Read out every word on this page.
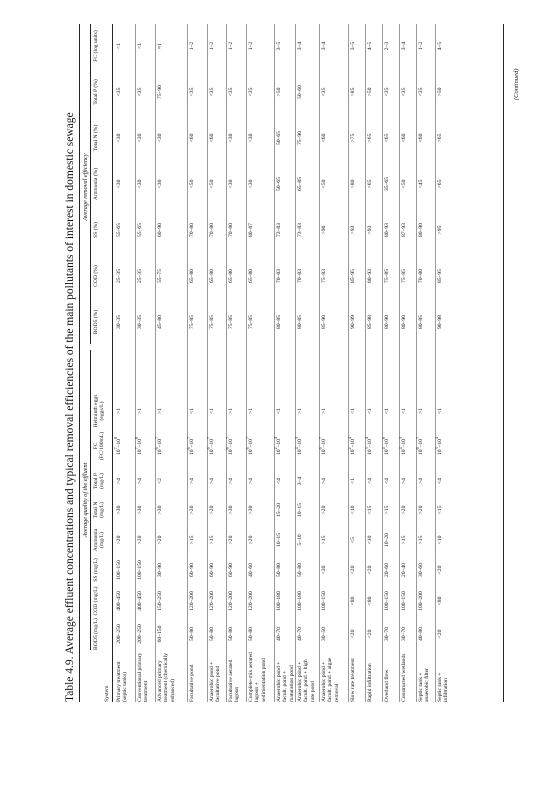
Table 4.9. Average effluent concentrations and typical removal efficiencies of the main pollutants of interest in domestic sewage Average quality of the effluent
Average removal efficiency
System
BOD5 (mg/L)
COD (mg/L)
SS (mg/L)
Ammonia (mg/L)
Total N (mg/L)
Total P (mg/L)
FC (FC/100mL)
Helminth eggs (eggs/L)
BOD5 (%)
COD (%)
SS (%)
Ammonia (%)
Total N (%)
Total P (%)
FC (log units)
Primary treatment (septic tanks)
200–250
400–450
100–150
>20
>30
>4
$10^7-10^8$
>1
30–35
25–35
55–65
<30
<30
<35
<1
Conventional primary treatment
200–250
400–450
100–150
>20
>30
>4
$10^7-10^8$
>1
30–35
25–35
55–65
<30
<30
<35
<1
Advanced primary treatment (chemically enhanced)
60–150
150–250
30–90
>20
>30
<2
$10^6-10^7$
>1
45–80
55–75
60–90
<30
<30
75–90
≈1
Facultative pond
50–80
120–200
60–90
>15
>20
>4
$10^6-10^7$
<1
75–85
65–80
70–80
<50
<60
<35
1–2
Anaerobic pond + facultative pond
50–80
120–200
60–90
>15
>20
>4
$10^6-10^7$
<1
75–85
65–80
70–80
<50
<60
<35
1–2
Facultative aerated lagoon
50–80
120–200
60–90
>20
>30
>4
$10^6-10^7$
>1
75–85
65–80
70–80
<30
<30
<35
1–2
Complete-mix aerated lagoon + sedimentation pond
50–80
120–200
40–60
>20
>30
>4
$10^6-10^7$
>1
75–85
65–80
80–87
<30
<30
<35
1–2
Anaerobic pond + facult. pond + maturation pond
40–70
100–180
50–80
10–15
15–20
<4
$10^2-10^4$
<1
80–85
70–83
73–83
50–65
50–65
>50
3–5
Anaerobic pond + facult. pond + high rate pond
40–70
100–180
50–80
5–10
10–15
3–4
$10^4-10^5$
>1
80–85
70–83
73–83
65–85
75–90
50–60
3–4
Anaerobic pond + facult. pond + algae removal
30–50
100–150
<30
>15
>20
>4
$10^6-10^7$
>1
85–90
75–83
>90
<50
<60
<35
3–4
Slow rate treatment
<20
<80
<20
<5
<10
<1
$10^2-10^4$
<1
90–99
85–95
>93
>80
>75
>85
3–5
Rapid infiltration
<20
<80
<20
<10
<15
<4
$10^3-10^4$
<1
85–98
80–93
>93
>65
>65
>50
4–5
Overland flow
30–70
100–150
20–60
10–20
>15
<4
$10^4-10^6$
<1
80–90
75–85
80–93
35–65
<65
<35
2–3
Constructed wetlands
30–70
100–150
20–40
>15
>20
>4
$10^4-10^5$
<1
80–90
75–85
87–93
<50
<60
<35
3–4
Septic tank + anaerobic filter
40–80
100–200
30–60
>15
>20
>4
$10^6-10^7$
>1
80–85
70–80
80–90
<45
<60
<35
1–2
Septic tank + infiltration
<20
<80
<20
<10
<15
<4
$10^3-10^4$
<1
90–98
85–95
>95
>65
>65
>50
4–5
(Continued)
